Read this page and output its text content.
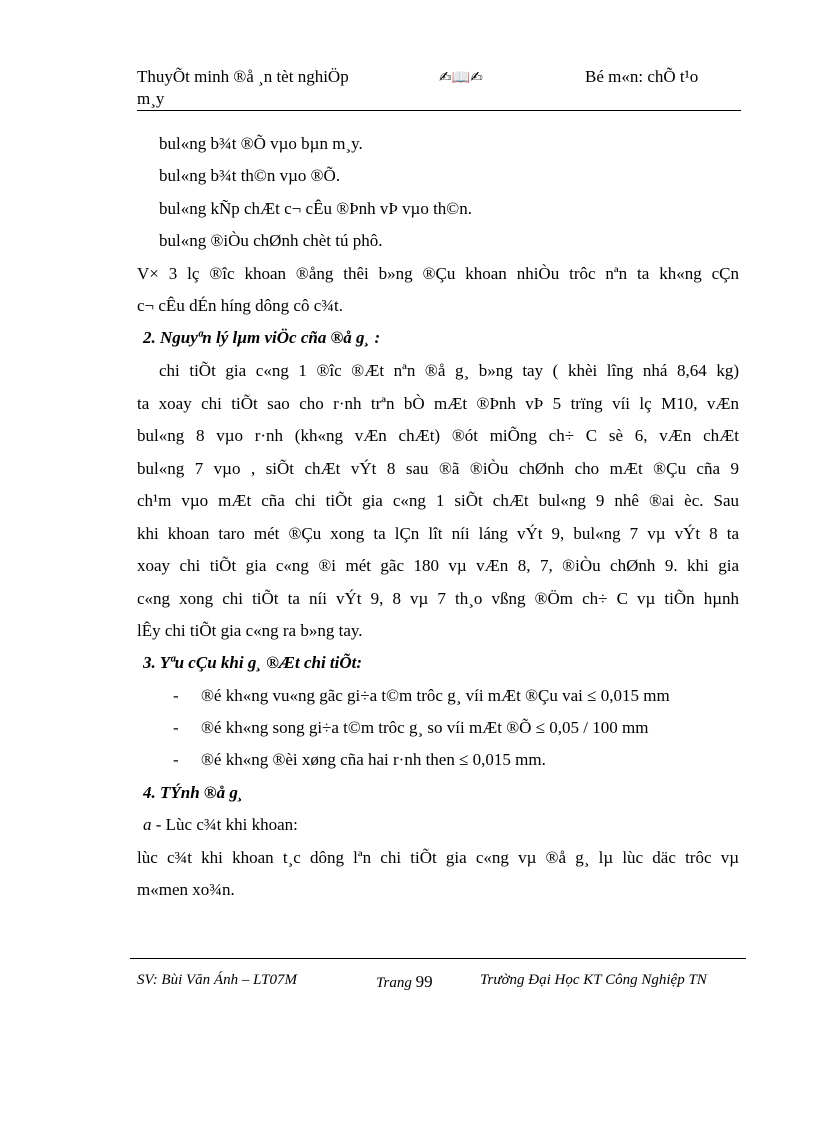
ThuyÕt minh ®å ¸n tèt nghiÖp	✍📖✍	Bé m«n: chÕ t¹o
m¸y
bul«ng b¾t ®Õ vµo bµn m¸y.
bul«ng b¾t th©n vµo ®Õ.
bul«ng kÑp chÆt c¬ cÊu ®Þnh vÞ vµo th©n.
bul«ng ®iÒu chØnh chèt tú phô.
V× 3 lç ®îc khoan ®ång thêi b»ng ®Çu khoan nhiÒu trôc nªn ta kh«ng cÇn
c¬ cÊu dÉn híng dông cô c¾t.
2. Nguyªn lý lµm viÖc cña ®å g¸ :
chi tiÕt gia c«ng 1 ®îc ®Æt nªn ®å g¸ b»ng tay ( khèi lîng nhá 8,64 kg)
ta xoay chi tiÕt sao cho r·nh trªn bÒ mÆt ®Þnh vÞ 5 trïng víi lç M10, vÆn
bul«ng 8 vµo r·nh (kh«ng vÆn chÆt) ®ót miÕng ch÷ C sè 6, vÆn chÆt
bul«ng 7 vµo , siÕt chÆt vÝt 8 sau ®ã ®iÒu chØnh cho mÆt ®Çu cña 9
ch¹m vµo mÆt cña chi tiÕt gia c«ng 1 siÕt chÆt bul«ng 9 nhê ®ai èc. Sau
khi khoan taro mét ®Çu xong ta lÇn lît níi láng vÝt 9, bul«ng 7 vµ vÝt 8 ta
xoay chi tiÕt gia c«ng ®i mét gãc 180 vµ vÆn 8, 7, ®iÒu chØnh 9. khi gia
c«ng xong chi tiÕt ta níi vÝt 9, 8 vµ 7 th¸o vßng ®Öm ch÷ C vµ tiÕn hµnh
lÊy chi tiÕt gia c«ng ra b»ng tay.
3. Yªu cÇu khi g¸ ®Æt chi tiÕt:
- ®é kh«ng vu«ng gãc gi÷a t©m trôc g¸ víi mÆt ®Çu vai ≤ 0,015 mm
- ®é kh«ng song gi÷a t©m trôc g¸ so víi mÆt ®Õ ≤ 0,05 / 100 mm
- ®é kh«ng ®èi xøng cña hai r·nh then ≤ 0,015 mm.
4. TÝnh ®å g¸
a - Lùc c¾t khi khoan:
lùc c¾t khi khoan t¸c dông lªn chi tiÕt gia c«ng vµ ®å g¸ lµ lùc däc trôc vµ
m«men xo¾n.
SV: Bùi Văn Ánh – LT07M	Trang 99	Trường Đại Học KT Công Nghiệp TN
